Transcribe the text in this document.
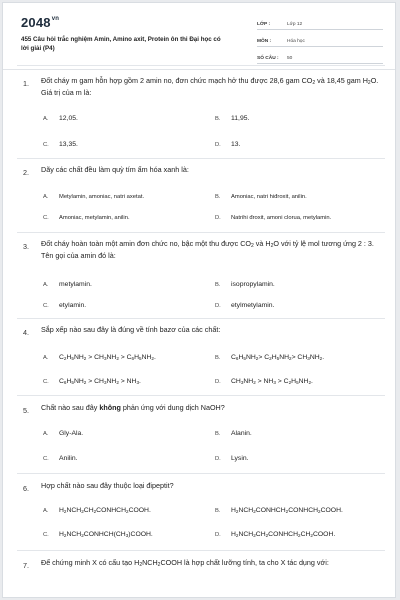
$2048^{vn}$
455 Câu hỏi trắc nghiệm Amin, Amino axit, Protein ôn thi Đại học có lời giải (P4)
LỚP :	Lớp 12
MÔN :	Hóa học
SỐ CÂU :	50
1. Đốt cháy m gam hỗn hợp gồm 2 amin no, đơn chức mạch hở thu được 28,6 gam $CO_2$ và 18,45 gam $H_2O$. Giá trị của m là:
A. 12,05.	B. 11,95.
C. 13,35.	D. 13.
2. Dãy các chất đều làm quỳ tím ẩm hóa xanh là:
A. Metylamin, amoniac, natri axetat.	B. Amoniac, natri hiđroxit, anilin.
C. Amoniac, metylamin, anilin.	D. Natrihi đroxit, amoni clorua, metylamin.
3. Đốt cháy hoàn toàn một amin đơn chức no, bậc một thu được $CO_2$ và $H_2O$ với tỷ lệ mol tương ứng 2 : 3. Tên gọi của amin đó là:
A. metylamin.	B. isopropylamin.
C. etylamin.	D. etylmetylamin.
4. Sắp xếp nào sau đây là đúng về tính bazơ của các chất:
A. $C_2H_5NH_2 > CH_3NH_2 > C_6H_5NH_2$.	B. $C_6H_5NH_2> C_2H_5NH_2> CH_3NH_2$.
C. $C_6H_5NH_2 > CH_3NH_2 > NH_3$.	D. $CH_3NH_2 > NH_3 > C_2H_5NH_2$.
5. Chất nào sau đây không phản ứng với dung dịch NaOH?
A. Gly-Ala.	B. Alanin.
C. Anilin.	D. Lysin.
6. Hợp chất nào sau đây thuộc loại đipeptit?
A. $H_2NCH_2CH_2CONHCH_2COOH$.	B. $H_2NCH_2CONHCH_2CONHCH_2COOH$.
C. $H_2NCH_2CONHCH(CH_3)COOH$.	D. $H_2NCH_2CH_2CONHCH_2CH_2COOH$.
7. Để chứng minh X có cấu tạo $H_2NCH_2COOH$ là hợp chất lưỡng tính, ta cho X tác dụng với:
